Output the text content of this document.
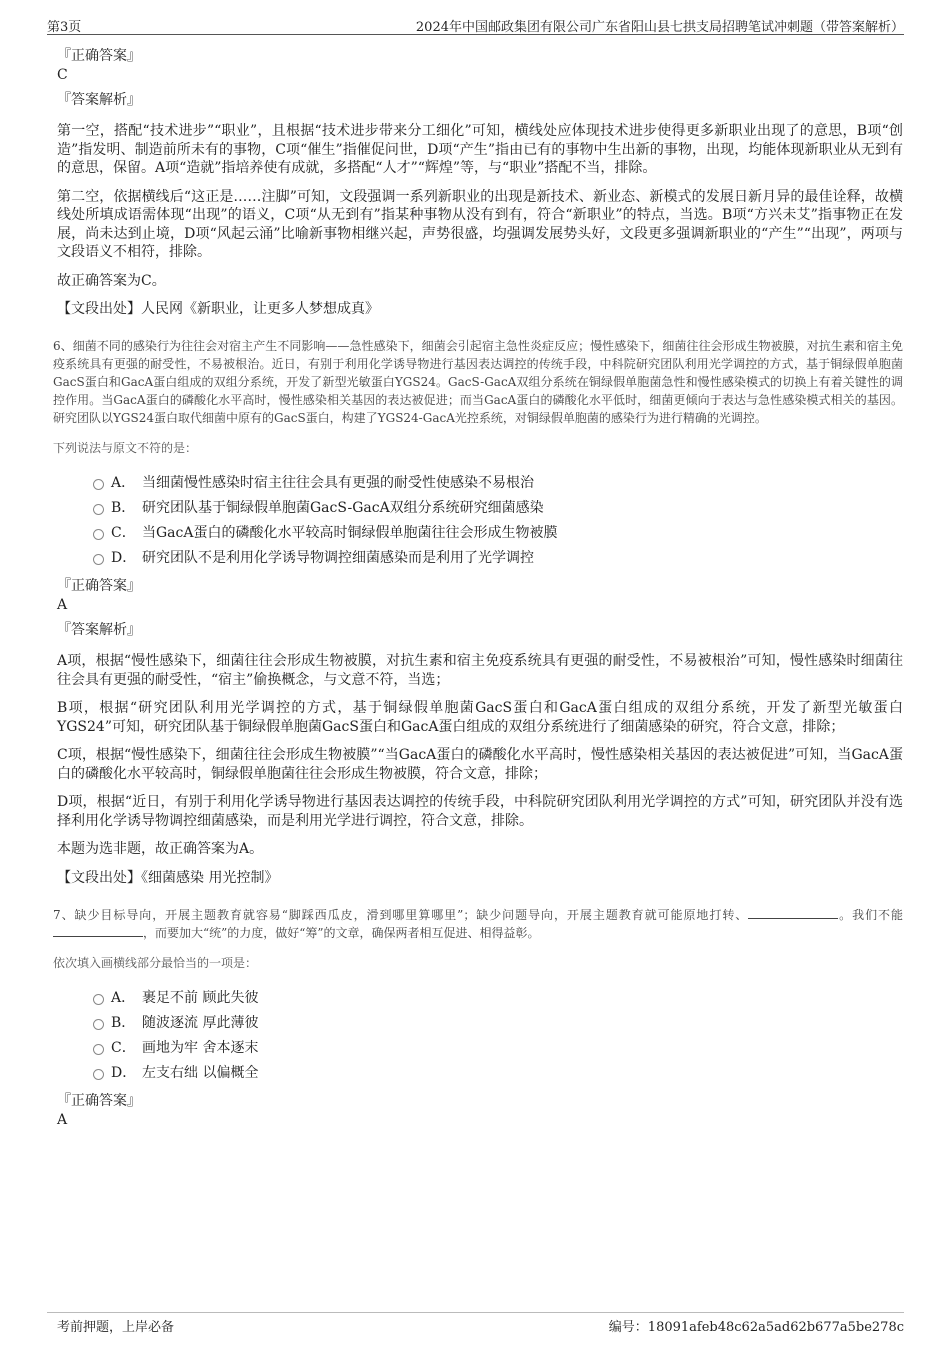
第3页	2024年中国邮政集团有限公司广东省阳山县七拱支局招聘笔试冲刺题（带答案解析）
『正确答案』
C
『答案解析』
第一空，搭配“技术进步”“职业”，且根据“技术进步带来分工细化”可知，横线处应体现技术进步使得更多新职业出现了的意思，B项“创造”指发明、制造前所未有的事物，C项“催生”指催促问世，D项“产生”指由已有的事物中生出新的事物，出现，均能体现新职业从无到有的意思，保留。A项“造就”指培养使有成就，多搭配“人才”“辉煌”等，与“职业”搭配不当，排除。
第二空，依据横线后“这正是……注脚”可知，文段强调一系列新职业的出现是新技术、新业态、新模式的发展日新月异的最佳诠释，故横线处所填成语需体现“出现”的语义，C项“从无到有”指某种事物从没有到有，符合“新职业”的特点，当选。B项“方兴未艾”指事物正在发展，尚未达到止境，D项“风起云涌”比喻新事物相继兴起，声势很盛，均强调发展势头好，文段更多强调新职业的“产生”“出现”，两项与文段语义不相符，排除。
故正确答案为C。
【文段出处】人民网《新职业，让更多人梦想成真》
6、细菌不同的感染行为往往会对宿主产生不同影响——急性感染下，细菌会引起宿主急性炎症反应；慢性感染下，细菌往往会形成生物被膜，对抗生素和宿主免疫系统具有更强的耐受性，不易被根治。近日，有别于利用化学诱导物进行基因表达调控的传统手段，中科院研究团队利用光学调控的方式，基于铜绿假单胞菌GacS蛋白和GacA蛋白组成的双组分系统，开发了新型光敏蛋白YGS24。GacS-GacA双组分系统在铜绿假单胞菌急性和慢性感染模式的切换上有着关键性的调控作用。当GacA蛋白的磷酸化水平高时，慢性感染相关基因的表达被促进；而当GacA蛋白的磷酸化水平低时，细菌更倾向于表达与急性感染模式相关的基因。研究团队以YGS24蛋白取代细菌中原有的GacS蛋白，构建了YGS24-GacA光控系统，对铜绿假单胞菌的感染行为进行精确的光调控。
下列说法与原文不符的是：
A． 当细菌慢性感染时宿主往往会具有更强的耐受性使感染不易根治
B． 研究团队基于铜绿假单胞菌GacS-GacA双组分系统研究细菌感染
C． 当GacA蛋白的磷酸化水平较高时铜绿假单胞菌往往会形成生物被膜
D． 研究团队不是利用化学诱导物调控细菌感染而是利用了光学调控
『正确答案』
A
『答案解析』
A项，根据“慢性感染下，细菌往往会形成生物被膜，对抗生素和宿主免疫系统具有更强的耐受性，不易被根治”可知，慢性感染时细菌往往会具有更强的耐受性，“宿主”偷换概念，与文意不符，当选；
B项，根据“研究团队利用光学调控的方式，基于铜绿假单胞菌GacS蛋白和GacA蛋白组成的双组分系统，开发了新型光敏蛋白YGS24”可知，研究团队基于铜绿假单胞菌GacS蛋白和GacA蛋白组成的双组分系统进行了细菌感染的研究，符合文意，排除；
C项，根据“慢性感染下，细菌往往会形成生物被膜”“当GacA蛋白的磷酸化水平高时，慢性感染相关基因的表达被促进”可知，当GacA蛋白的磷酸化水平较高时，铜绿假单胞菌往往会形成生物被膜，符合文意，排除；
D项，根据“近日，有别于利用化学诱导物进行基因表达调控的传统手段，中科院研究团队利用光学调控的方式”可知，研究团队并没有选择利用化学诱导物调控细菌感染，而是利用光学进行调控，符合文意，排除。
本题为选非题，故正确答案为A。
【文段出处】《细菌感染 用光控制》
7、缺少目标导向，开展主题教育就容易“脚踩西瓜皮，滑到哪里算哪里”；缺少问题导向，开展主题教育就可能原地打转、	。我们不能，而要加大“统”的力度，做好“筹”的文章，确保两者相互促进、相得益彰。
依次填入画横线部分最恰当的一项是：
A． 裹足不前 顾此失彼
B． 随波逐流 厚此薄彼
C． 画地为牢 舍本逐末
D． 左支右绌 以偏概全
『正确答案』
A
考前押题，上岸必备	编号：18091afeb48c62a5ad62b677a5be278c
